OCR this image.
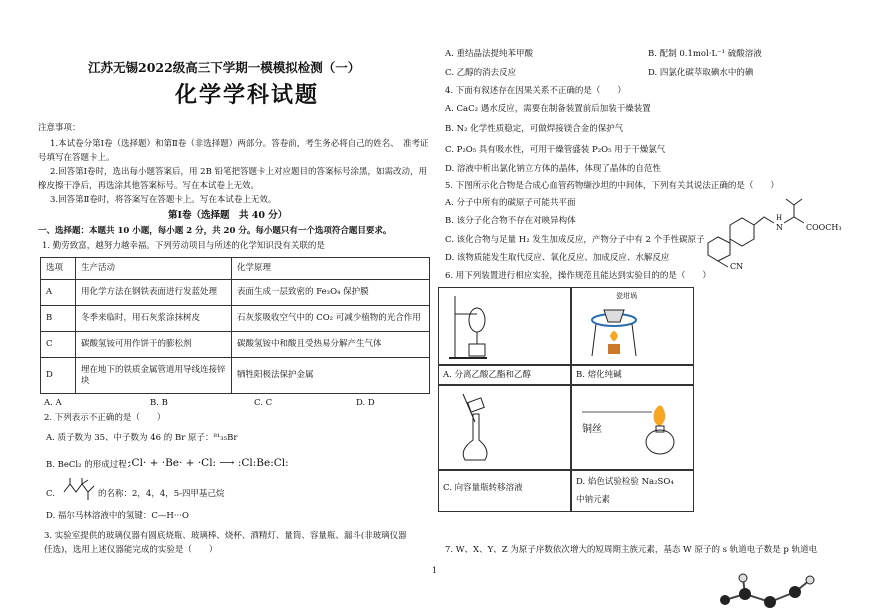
江苏无锡2022级高三下学期一模模拟检测（一）
化学学科试题
注意事项：
1.本试卷分第Ⅰ卷（选择题）和第Ⅱ卷（非选择题）两部分。答卷前，考生务必将自己的姓名、　准考证
号填写在答题卡上。
2.回答第Ⅰ卷时，选出每小题答案后，用 2B 铅笔把答题卡上对应题目的答案标号涂黑，如需改动，用
橡皮擦干净后，再选涂其他答案标号。写在本试卷上无效。
3.回答第Ⅱ卷时，将答案写在答题卡上。写在本试卷上无效。
第Ⅰ卷（选择题　共 40 分）
一、选择题：本题共 10 小题，每小题 2 分，共 20 分。每小题只有一个选项符合题目要求。
1. 勤劳致富，越努力越幸福。下列劳动项目与所述的化学知识没有关联的是
选项	生产活动	化学原理
A	用化学方法在钢铁表面进行发蓝处理	表面生成一层致密的 Fe₃O₄ 保护膜
B	冬季来临时，用石灰浆涂抹树皮	石灰浆吸收空气中的 CO₂ 可减少植物的光合作用
C	碳酸氢铵可用作饼干的膨松剂	碳酸氢铵中和酸且受热易分解产生气体
D	埋在地下的铁质金属管道用导线连接锌块	牺牲阳极法保护金属
A. A	B. B	C. C	D. D
2. 下列表示不正确的是（　　）
A. 质子数为 35、中子数为 46 的 Br 原子：⁸¹₃₅Br
B. BeCl₂ 的形成过程：
:Cl· + ·Be· + ·Cl: ⟶ :Cl:Be:Cl:
C.	的名称：2，4，4，5-四甲基己烷
D. 福尔马林溶液中的氢键：C—H···O
3. 实验室提供的玻璃仪器有圆底烧瓶、玻璃棒、烧杯、酒精灯、量筒、容量瓶、漏斗(非玻璃仪器
任选)，选用上述仪器能完成的实验是（　　）
1
A. 重结晶法提纯苯甲酸	B. 配制 0.1mol·L⁻¹ 硫酸溶液
C. 乙醇的消去反应	D. 四氯化碳萃取碘水中的碘
4. 下面有叙述存在因果关系不正确的是（　　）
A. CaC₂ 遇水反应，需要在制备装置前后加装干燥装置
B. N₂ 化学性质稳定，可做焊接镁合金的保护气
C. P₂O₅ 具有吸水性，可用干燥管盛装 P₂O₅ 用于干燥氯气
D. 溶液中析出氯化钠立方体的晶体，体现了晶体的自范性
5. 下图所示化合物是合成心血管药物缬沙坦的中间体，下列有关其说法正确的是（　　）
A. 分子中所有的碳原子可能共平面
B. 该分子化合物不存在对映异构体
C. 该化合物与足量 H₂ 发生加成反应，产物分子中有 2 个手性碳原子
D. 该物质能发生取代反应、氧化反应、加成反应、水解反应
N
H
COOCH₃
CN
6. 用下列装置进行相应实验，操作规范且能达到实验目的的是（　　）
瓷坩埚
A. 分离乙酸乙酯和乙醇	B. 熔化纯碱
铜丝
C. 向容量瓶转移溶液
D. 焰色试验检验 Na₂SO₄
中钠元素
7. W、X、Y、Z 为原子序数依次增大的短周期主族元素，基态 W 原子的 s 轨道电子数是 p 轨道电
